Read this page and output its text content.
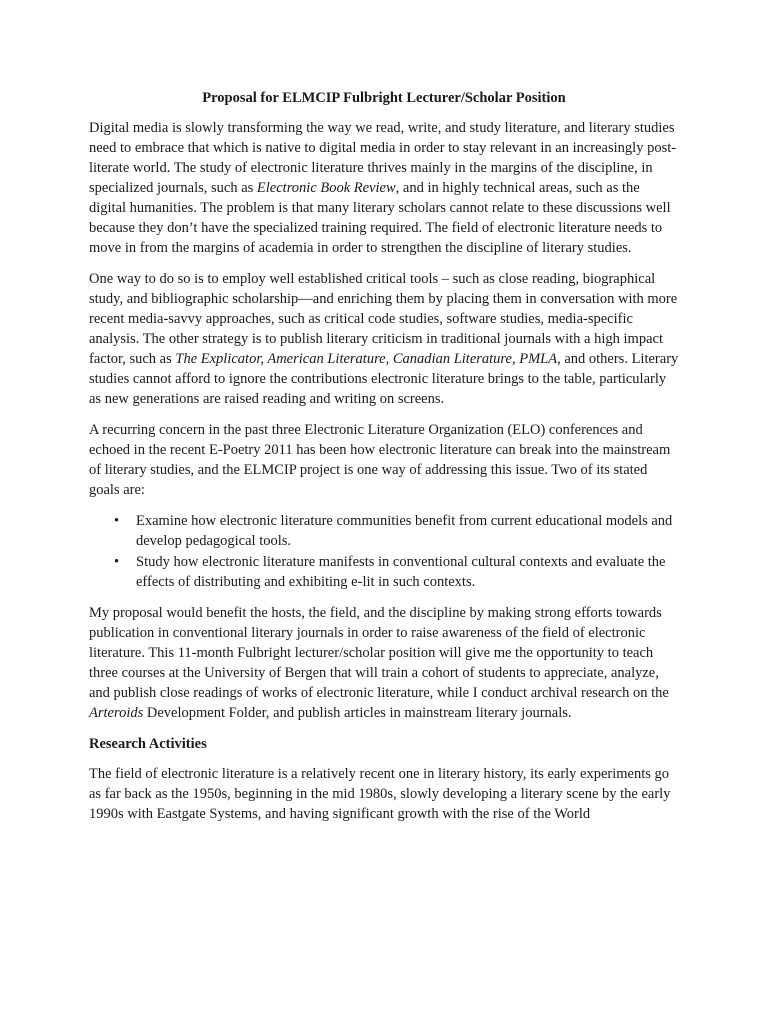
Proposal for ELMCIP Fulbright Lecturer/Scholar Position

Digital media is slowly transforming the way we read, write, and study literature, and literary studies need to embrace that which is native to digital media in order to stay relevant in an increasingly post-literate world. The study of electronic literature thrives mainly in the margins of the discipline, in specialized journals, such as Electronic Book Review, and in highly technical areas, such as the digital humanities. The problem is that many literary scholars cannot relate to these discussions well because they don’t have the specialized training required. The field of electronic literature needs to move in from the margins of academia in order to strengthen the discipline of literary studies.

One way to do so is to employ well established critical tools – such as close reading, biographical study, and bibliographic scholarship—and enriching them by placing them in conversation with more recent media-savvy approaches, such as critical code studies, software studies, media-specific analysis. The other strategy is to publish literary criticism in traditional journals with a high impact factor, such as The Explicator, American Literature, Canadian Literature, PMLA, and others. Literary studies cannot afford to ignore the contributions electronic literature brings to the table, particularly as new generations are raised reading and writing on screens.

A recurring concern in the past three Electronic Literature Organization (ELO) conferences and echoed in the recent E-Poetry 2011 has been how electronic literature can break into the mainstream of literary studies, and the ELMCIP project is one way of addressing this issue. Two of its stated goals are:

• Examine how electronic literature communities benefit from current educational models and develop pedagogical tools.
• Study how electronic literature manifests in conventional cultural contexts and evaluate the effects of distributing and exhibiting e-lit in such contexts.

My proposal would benefit the hosts, the field, and the discipline by making strong efforts towards publication in conventional literary journals in order to raise awareness of the field of electronic literature. This 11-month Fulbright lecturer/scholar position will give me the opportunity to teach three courses at the University of Bergen that will train a cohort of students to appreciate, analyze, and publish close readings of works of electronic literature, while I conduct archival research on the Arteroids Development Folder, and publish articles in mainstream literary journals.

Research Activities

The field of electronic literature is a relatively recent one in literary history, its early experiments go as far back as the 1950s, beginning in the mid 1980s, slowly developing a literary scene by the early 1990s with Eastgate Systems, and having significant growth with the rise of the World
